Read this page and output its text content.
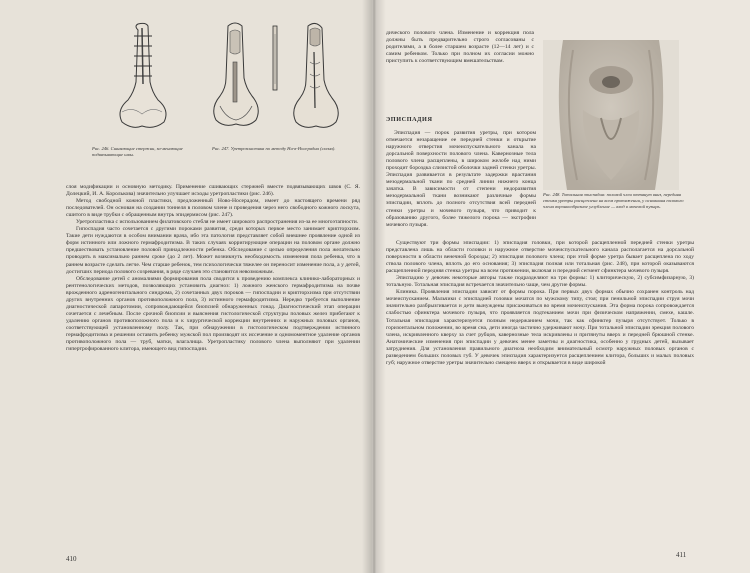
Рис. 246. Сшивающие стержни, за-менающие подвязывающие швы.
Рис. 247. Уретропластика по методу Ни-в-Носерадна (схема).

слоя модификации и основную методику. Применение сшивающих стержней вместе подвязывающих швов (С. Я. Долецкий, И. А. Королькова) значительно улучшает исходы уретропластики (рис. 246).

Метод свободной кожной пластики, предложенный Ново-Носерадом, имеет до настоящего времени ряд последователей. Он основан на создании тоннеля в половом члене и проведения через него свободного кожного лоскута, сшитого в виде трубки с обращенным внутрь эпидермисом (рис. 247).

Уретропластика с использованием филатовского стебля не имеет широкого распространения из-за ее многоэтапности.

Гипоспадия часто сочетается с другими пороками развития, среди которых первое место занимает крипторхизм. Такие дети нуждаются в особом внимании врача, ибо эта патология представляет собой внешнее проявление одной из форм истинного или ложного гермафродитизма. В таких случаях корригирующие операции на половом органе должно предшествовать установление половой принадлежности ребенка. Обследование с целью определения пола желательно проводить в максимально раннем сроке (до 2 лет). Может возникнуть необходимость изменения пола ребенка, что в раннем возрасте сделать легче. Чем старше ребенок, тем психологически тяжелее он переносит изменение пола, а у детей, достигших периода полового созревания, в ряде случаев это становится невозможным.

Обследование детей с аномалиями формирования пола сводится к проведению комплекса клинико-лабораторных и рентгенологических методов, позволяющих установить диагноз: 1) ложного женского гермафродитизма на почве врожденного адреногенитального синдрома, 2) сочетанных двух пороков — гипоспадии и крипторхизма при отсутствии других внутренних органов противоположного пола, 3) истинного гермафродитизма. Нередко требуется выполнение диагностической лапаротомии, сопровождающейся биопсией обнаруженных гонад. Диагностический этап операции сочетается с лечебным. После срочной биопсии и выяснения гистологической структуры половых желез прибегают к удалению органов противоположного пола и к хирургической коррекции внутренних и наружных половых органов, соответствующей установленному полу. Так, при обнаружении в гистологическом подтверждении истинного гермафродитизма и решении оставить ребенку мужской пол производят их иссечение и одномоментное удаление органов противоположного пола — труб, матки, влагалища. Уретропластику полового члена выполняют при удалении гипертрофированного клитора, имеющего вид гипоспадии.

410
дического полового члена. Изменение и коррекция пола должны быть предварительно строго согласованы с родителями, а в более старшем возрасте (12—14 лет) и с самим ребенком. Только при полном их согласии можно приступить к соответствующим вмешательствам.
ЭПИСПАДИЯ

Эписпадия — порок развития уретры, при котором отмечается незаращение ее передней стенки и открытие наружного отверстия мочеиспускательного канала на дорсальной поверхности полового члена. Кавернозные тела полового члена расщеплены, в широком желобе над ними проходит бороздка слизистой оболочки задней стенки уретры. Эписпадия развивается в результате задержки врастания мезодермальной ткани по средней линии нижнего конца зачатка. В зависимости от степени недоразвития мезодермальной ткани возникают различные формы эписпадии, вплоть до полного отсутствия всей передней стенки уретры и мочевого пузыря, что приводит к образованию другого, более тяжелого порока — экстрофии мочевого пузыря.

Рис. 248. Тотальная эписпадия: половой член оттянут вниз, передняя стенка уретры расщеплена на всем протяжении, у основания полового члена воронкообразное углубление — вход в мочевой пузырь.

Существуют три формы эписпадии: 1) эписпадия головки, при которой расщепленной передней стенки уретры представлена лишь на области головки и наружное отверстие мочеиспускательного канала располагается на дорсальной поверхности в области венечной борозды; 2) эписпадия полового члена; при этой форме уретра бывает расщеплена по ходу ствола полового члена, вплоть до его основания; 3) эписпадия полная или тотальная (рис. 248), при которой оказываются расщепленной передняя стенка уретры на всем протяжении, включая и передний сегмент сфинктера мочевого пузыря.

Эписпадию у девочек некоторые авторы также подразделяют на три формы: 1) клиторическую, 2) субсимфизарную, 3) тотальную. Тотальная эписпадия встречается значительно чаще, чем другие формы.

Клиника. Проявления эписпадии зависят от формы порока. При первых двух формах обычно сохранен контроль над мочеиспусканием. Мальчики с эписпадией головки мочатся по мужскому типу, стоя; при пенильной эписпадии струя мочи значительно разбрызгивается и дети вынуждены присаживаться во время мочеиспускания. Эта форма порока сопровождается слабостью сфинктера мочевого пузыря, что проявляется подтеканием мочи при физическом напряжении, смехе, кашле. Тотальная эписпадия характеризуется полным недержанием мочи, так как сфинктер пузыря отсутствует. Только в горизонтальном положении, во время сна, дети иногда частично удерживают мочу. При тотальной эписпадии эрекция полового члена, искривленного кверху за счет рубцов, кавернозные тела искривлены и притянуты вверх и передней брюшной стенке. Анатомические изменения при эписпадии у девочек менее заметны и диагностика, особенно у грудных детей, вызывает затруднения. Для установления правильного диагноза необходим внимательный осмотр наружных половых органов с разведением больших половых губ. У девочек эписпадия характеризуется расщеплением клитора, больших и малых половых губ; наружное отверстие уретры значительно смещено вверх и открывается в виде широкой

411
